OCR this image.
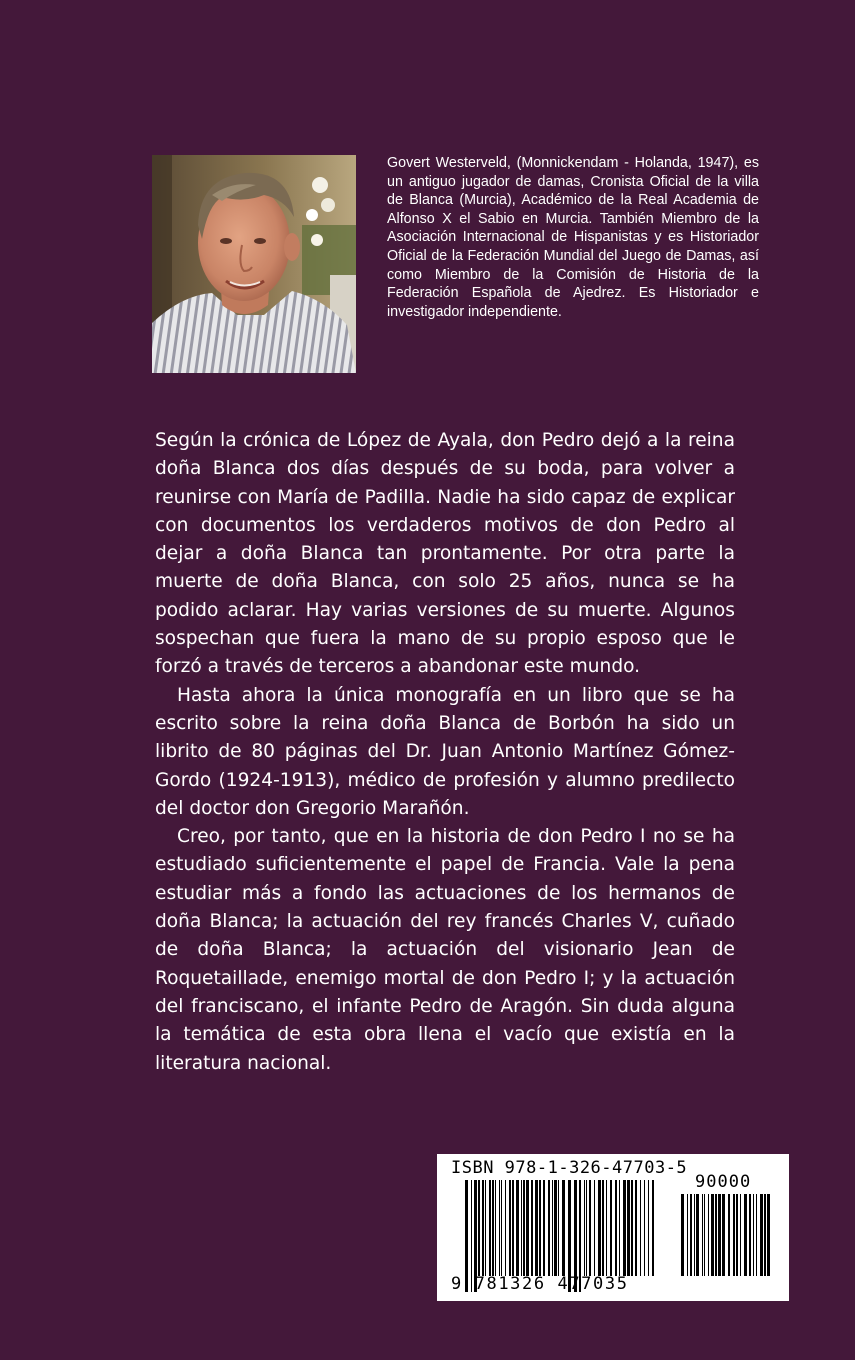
Govert Westerveld, (Monnickendam - Holanda, 1947), es un antiguo jugador de damas, Cronista Oficial de la villa de Blanca (Murcia), Académico de la Real Academia de Alfonso X el Sabio en Murcia. También Miembro de la Asociación Internacional de Hispanistas y es Historiador Oficial de la Federación Mundial del Juego de Damas, así como Miembro de la Comisión de Historia de la Federación Española de Ajedrez. Es Historiador e investigador independiente.

Según la crónica de López de Ayala, don Pedro dejó a la reina doña Blanca dos días después de su boda, para volver a reunirse con María de Padilla. Nadie ha sido capaz de explicar con documentos los verdaderos motivos de don Pedro al dejar a doña Blanca tan prontamente. Por otra parte la muerte de doña Blanca, con solo 25 años, nunca se ha podido aclarar. Hay varias versiones de su muerte. Algunos sospechan que fuera la mano de su propio esposo que le forzó a través de terceros a abandonar este mundo.

Hasta ahora la única monografía en un libro que se ha escrito sobre la reina doña Blanca de Borbón ha sido un librito de 80 páginas del Dr. Juan Antonio Martínez Gómez-Gordo (1924-1913), médico de profesión y alumno predilecto del doctor don Gregorio Marañón.

Creo, por tanto, que en la historia de don Pedro I no se ha estudiado suficientemente el papel de Francia. Vale la pena estudiar más a fondo las actuaciones de los hermanos de doña Blanca; la actuación del rey francés Charles V, cuñado de doña Blanca; la actuación del visionario Jean de Roquetaillade, enemigo mortal de don Pedro I; y la actuación del franciscano, el infante Pedro de Aragón. Sin duda alguna la temática de esta obra llena el vacío que existía en la literatura nacional.

ISBN 978-1-326-47703-5
90000
9 781326 477035
